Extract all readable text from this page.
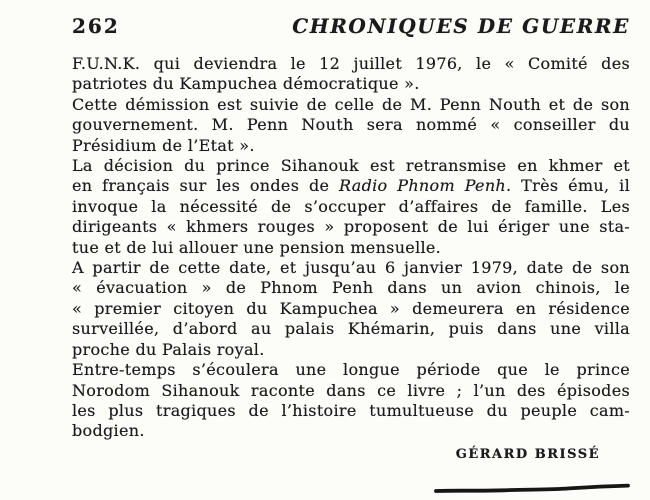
262	CHRONIQUES DE GUERRE
F.U.N.K. qui deviendra le 12 juillet 1976, le « Comité des
patriotes du Kampuchea démocratique ».
Cette démission est suivie de celle de M. Penn Nouth et de son
gouvernement. M. Penn Nouth sera nommé « conseiller du
Présidium de l’Etat ».
La décision du prince Sihanouk est retransmise en khmer et
en français sur les ondes de Radio Phnom Penh. Très ému, il
invoque la nécessité de s’occuper d’affaires de famille. Les
dirigeants « khmers rouges » proposent de lui ériger une sta-
tue et de lui allouer une pension mensuelle.
A partir de cette date, et jusqu’au 6 janvier 1979, date de son
« évacuation » de Phnom Penh dans un avion chinois, le
« premier citoyen du Kampuchea » demeurera en résidence
surveillée, d’abord au palais Khémarin, puis dans une villa
proche du Palais royal.
Entre-temps s’écoulera une longue période que le prince
Norodom Sihanouk raconte dans ce livre ; l’un des épisodes
les plus tragiques de l’histoire tumultueuse du peuple cam-
bodgien.
GÉRARD BRISSÉ
